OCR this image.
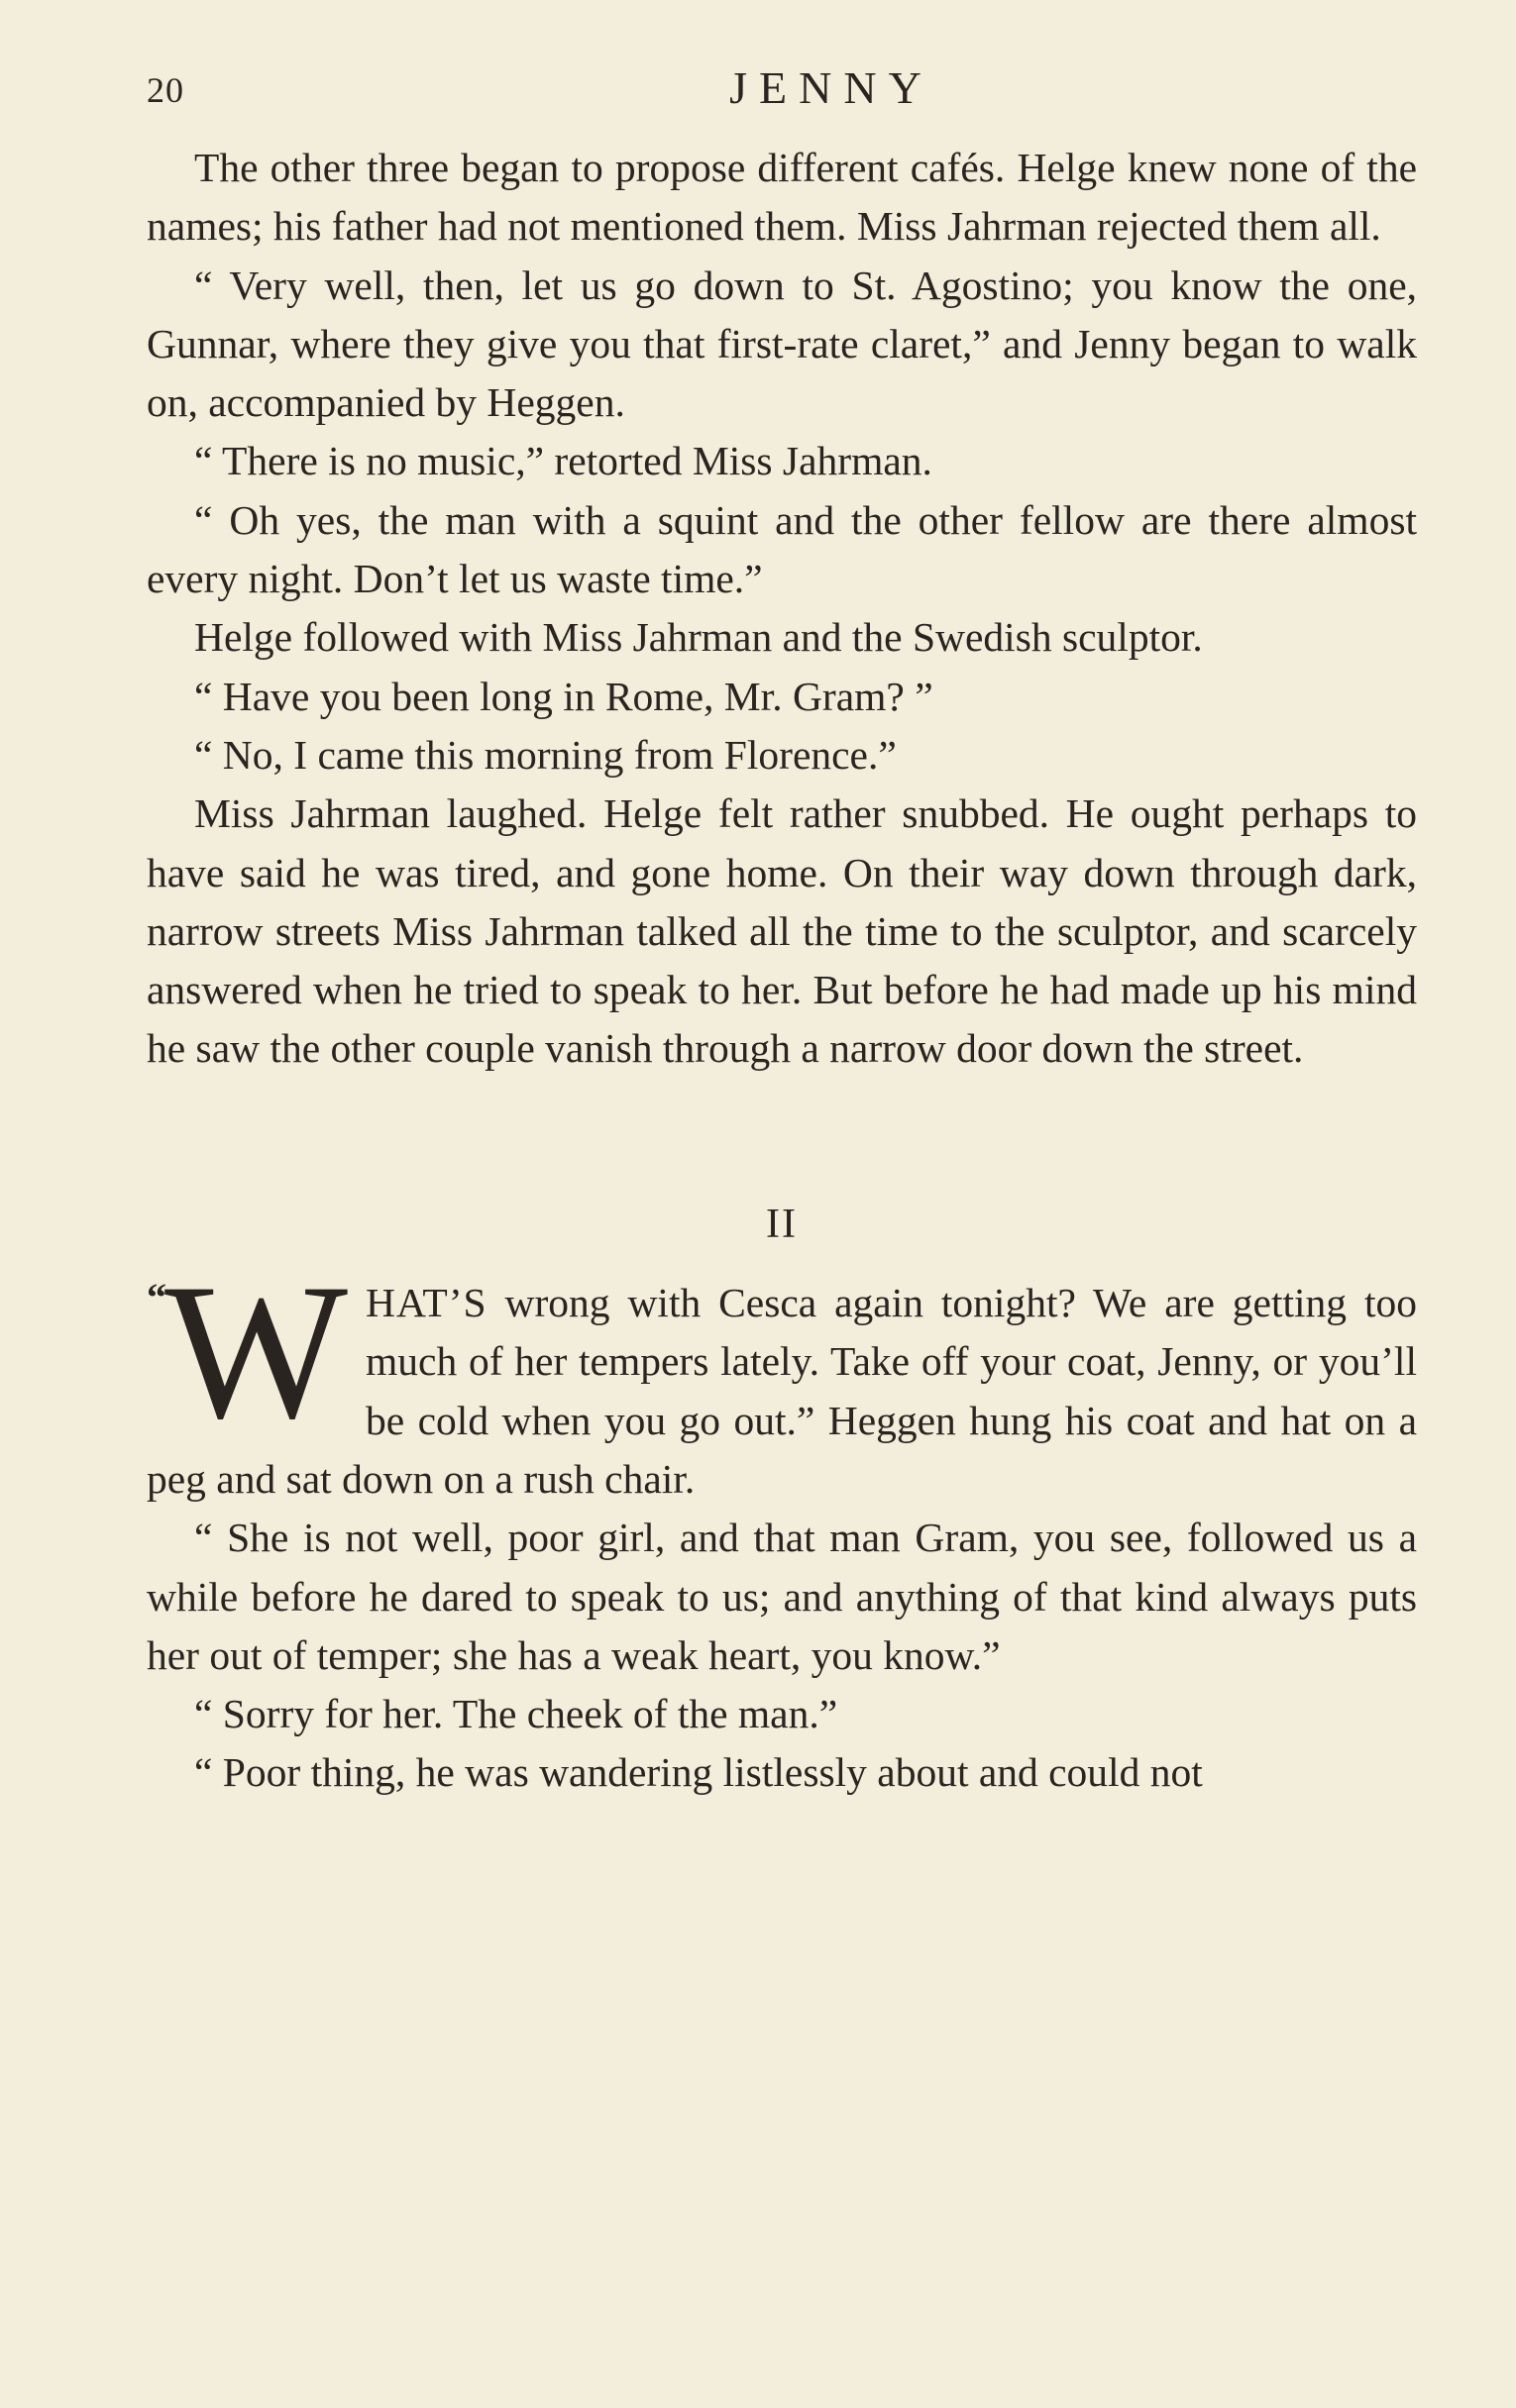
20	JENNY

The other three began to propose different cafés. Helge knew none of the names; his father had not mentioned them. Miss Jahrman rejected them all.

“ Very well, then, let us go down to St. Agostino; you know the one, Gunnar, where they give you that first-rate claret,” and Jenny began to walk on, accompanied by Heggen.

“ There is no music,” retorted Miss Jahrman.

“ Oh yes, the man with a squint and the other fellow are there almost every night. Don’t let us waste time.”

Helge followed with Miss Jahrman and the Swedish sculptor.

“ Have you been long in Rome, Mr. Gram? ”

“ No, I came this morning from Florence.”

Miss Jahrman laughed. Helge felt rather snubbed. He ought perhaps to have said he was tired, and gone home. On their way down through dark, narrow streets Miss Jahrman talked all the time to the sculptor, and scarcely answered when he tried to speak to her. But before he had made up his mind he saw the other couple vanish through a narrow door down the street.

II

“
W HAT’S wrong with Cesca again tonight? We are getting too much of her tempers lately. Take off your coat, Jenny, or you’ll be cold when you go out.” Heggen hung his coat and hat on a peg and sat down on a rush chair.

“ She is not well, poor girl, and that man Gram, you see, followed us a while before he dared to speak to us; and anything of that kind always puts her out of temper; she has a weak heart, you know.”

“ Sorry for her. The cheek of the man.”

“ Poor thing, he was wandering listlessly about and could not
